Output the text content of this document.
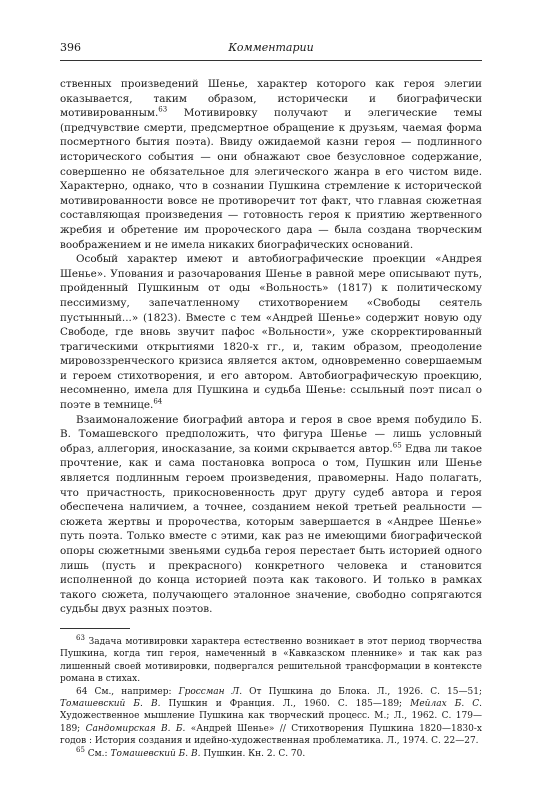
396	Комментарии

ственных произведений Шенье, характер которого как героя элегии оказывается, таким образом, исторически и биографически мотивированным.$^{63}$ Мотивировку получают и элегические темы (предчувствие смерти, предсмертное обращение к друзьям, чаемая форма посмертного бытия поэта). Ввиду ожидаемой казни героя — подлинного исторического события — они обнажают свое безусловное содержание, совершенно не обязательное для элегического жанра в его чистом виде. Характерно, однако, что в сознании Пушкина стремление к исторической мотивированности вовсе не противоречит тот факт, что главная сюжетная составляющая произведения — готовность героя к приятию жертвенного жребия и обретение им пророческого дара — была создана творческим воображением и не имела никаких биографических оснований.

Особый характер имеют и автобиографические проекции «Андрея Шенье». Упования и разочарования Шенье в равной мере описывают путь, пройденный Пушкиным от оды «Вольность» (1817) к политическому пессимизму, запечатленному стихотворением «Свободы сеятель пустынный...» (1823). Вместе с тем «Андрей Шенье» содержит новую оду Свободе, где вновь звучит пафос «Вольности», уже скорректированный трагическими открытиями 1820-х гг., и, таким образом, преодоление мировоззренческого кризиса является актом, одновременно совершаемым и героем стихотворения, и его автором. Автобиографическую проекцию, несомненно, имела для Пушкина и судьба Шенье: ссыльный поэт писал о поэте в темнице.$^{64}$

Взаимоналожение биографий автора и героя в свое время побудило Б. В. Томашевского предположить, что фигура Шенье — лишь условный образ, аллегория, иносказание, за коими скрывается автор.$^{65}$ Едва ли такое прочтение, как и сама постановка вопроса о том, Пушкин или Шенье является подлинным героем произведения, правомерны. Надо полагать, что причастность, прикосновенность друг другу судеб автора и героя обеспечена наличием, а точнее, созданием некой третьей реальности — сюжета жертвы и пророчества, которым завершается в «Андрее Шенье» путь поэта. Только вместе с этими, как раз не имеющими биографической опоры сюжетными звеньями судьба героя перестает быть историей одного лишь (пусть и прекрасного) конкретного человека и становится исполненной до конца историей поэта как такового. И только в рамках такого сюжета, получающего эталонное значение, свободно сопрягаются судьбы двух разных поэтов.

$^{63}$ Задача мотивировки характера естественно возникает в этот период творчества Пушкина, когда тип героя, намеченный в «Кавказском пленнике» и так как раз лишенный своей мотивировки, подвергался решительной трансформации в контексте романа в стихах.

64 См., например: Гроссман Л. От Пушкина до Блока. Л., 1926. С. 15—51; Томашевский Б. В. Пушкин и Франция. Л., 1960. С. 185—189; Мейлах Б. С. Художественное мышление Пушкина как творческий процесс. М.; Л., 1962. С. 179—189; Сандомирская В. Б. «Андрей Шенье» // Стихотворения Пушкина 1820—1830-х годов : История создания и идейно-художественная проблематика. Л., 1974. С. 22—27.

$^{65}$ См.: Томашевский Б. В. Пушкин. Кн. 2. С. 70.
